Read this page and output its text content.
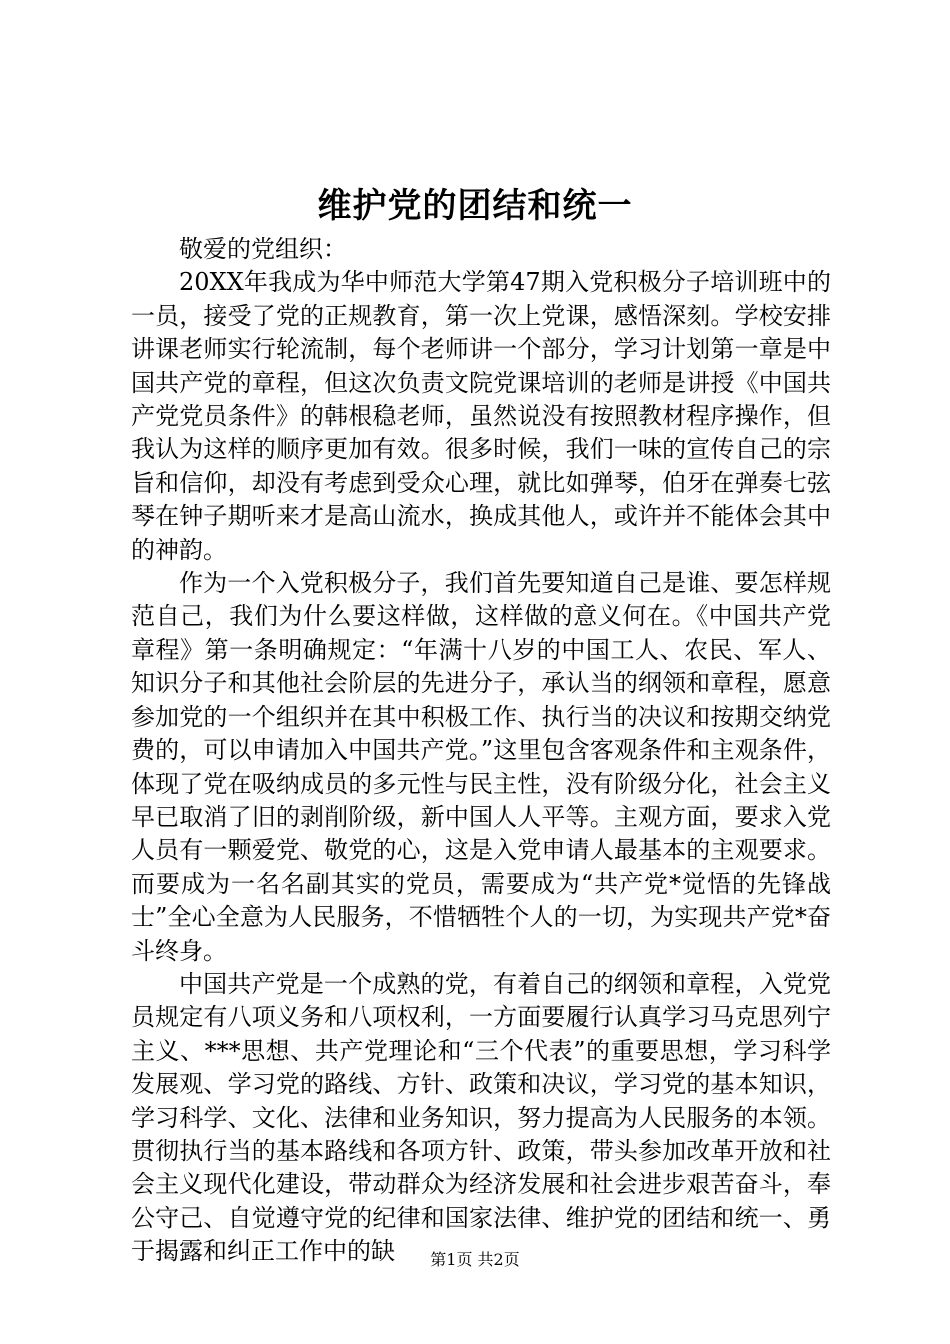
维护党的团结和统一

敬爱的党组织：

20XX年我成为华中师范大学第47期入党积极分子培训班中的一员，接受了党的正规教育，第一次上党课，感悟深刻。学校安排讲课老师实行轮流制，每个老师讲一个部分，学习计划第一章是中国共产党的章程，但这次负责文院党课培训的老师是讲授《中国共产党党员条件》的韩根稳老师，虽然说没有按照教材程序操作，但我认为这样的顺序更加有效。很多时候，我们一味的宣传自己的宗旨和信仰，却没有考虑到受众心理，就比如弹琴，伯牙在弹奏七弦琴在钟子期听来才是高山流水，换成其他人，或许并不能体会其中的神韵。

作为一个入党积极分子，我们首先要知道自己是谁、要怎样规范自己，我们为什么要这样做，这样做的意义何在。《中国共产党章程》第一条明确规定：“年满十八岁的中国工人、农民、军人、知识分子和其他社会阶层的先进分子，承认当的纲领和章程，愿意参加党的一个组织并在其中积极工作、执行当的决议和按期交纳党费的，可以申请加入中国共产党。”这里包含客观条件和主观条件，体现了党在吸纳成员的多元性与民主性，没有阶级分化，社会主义早已取消了旧的剥削阶级，新中国人人平等。主观方面，要求入党人员有一颗爱党、敬党的心，这是入党申请人最基本的主观要求。而要成为一名名副其实的党员，需要成为“共产党*觉悟的先锋战士”全心全意为人民服务，不惜牺牲个人的一切，为实现共产党*奋斗终身。

中国共产党是一个成熟的党，有着自己的纲领和章程，入党党员规定有八项义务和八项权利，一方面要履行认真学习马克思列宁主义、***思想、共产党理论和“三个代表”的重要思想，学习科学发展观、学习党的路线、方针、政策和决议，学习党的基本知识，学习科学、文化、法律和业务知识，努力提高为人民服务的本领。贯彻执行当的基本路线和各项方针、政策，带头参加改革开放和社会主义现代化建设，带动群众为经济发展和社会进步艰苦奋斗，奉公守己、自觉遵守党的纪律和国家法律、维护党的团结和统一、勇于揭露和纠正工作中的缺	第1页 共2页
